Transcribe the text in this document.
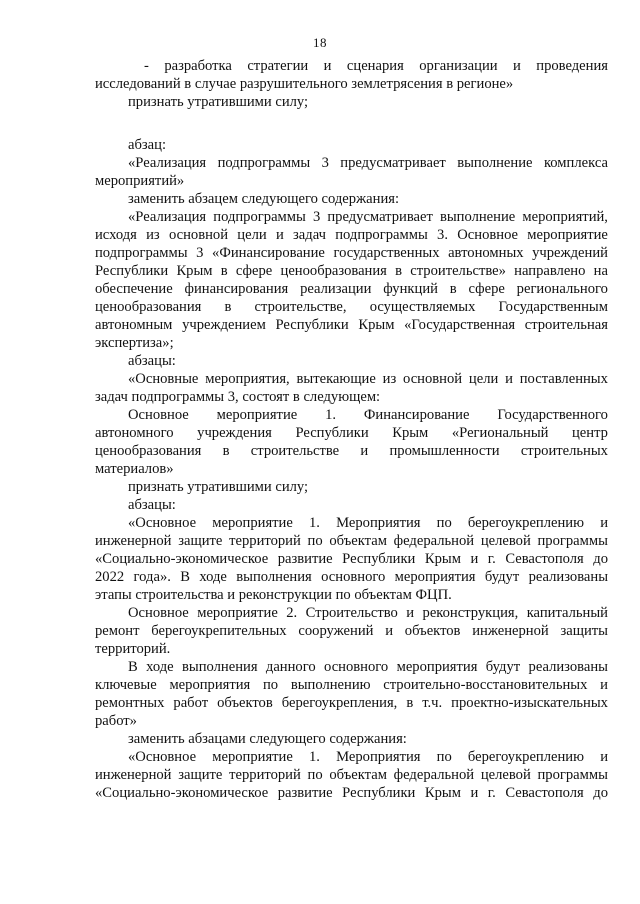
18
- разработка стратегии и сценария организации и проведения
исследований в случае разрушительного землетрясения в регионе»
признать утратившими силу;
абзац:
«Реализация подпрограммы 3 предусматривает выполнение комплекса
мероприятий»
заменить абзацем следующего содержания:
«Реализация подпрограммы 3 предусматривает выполнение мероприятий,
исходя из основной цели и задач подпрограммы 3. Основное мероприятие
подпрограммы 3 «Финансирование государственных автономных учреждений
Республики Крым в сфере ценообразования в строительстве» направлено на
обеспечение финансирования реализации функций в сфере регионального
ценообразования в строительстве, осуществляемых Государственным
автономным учреждением Республики Крым «Государственная строительная
экспертиза»;
абзацы:
«Основные мероприятия, вытекающие из основной цели и поставленных
задач подпрограммы 3, состоят в следующем:
Основное мероприятие 1. Финансирование Государственного
автономного учреждения Республики Крым «Региональный центр
ценообразования в строительстве и промышленности строительных
материалов»
признать утратившими силу;
абзацы:
«Основное мероприятие 1. Мероприятия по берегоукреплению и
инженерной защите территорий по объектам федеральной целевой программы
«Социально-экономическое развитие Республики Крым и г. Севастополя до
2022 года». В ходе выполнения основного мероприятия будут реализованы
этапы строительства и реконструкции по объектам ФЦП.
Основное мероприятие 2. Строительство и реконструкция, капитальный
ремонт берегоукрепительных сооружений и объектов инженерной защиты
территорий.
В ходе выполнения данного основного мероприятия будут реализованы
ключевые мероприятия по выполнению строительно-восстановительных и
ремонтных работ объектов берегоукрепления, в т.ч. проектно-изыскательных
работ»
заменить абзацами следующего содержания:
«Основное мероприятие 1. Мероприятия по берегоукреплению и
инженерной защите территорий по объектам федеральной целевой программы
«Социально-экономическое развитие Республики Крым и г. Севастополя до
